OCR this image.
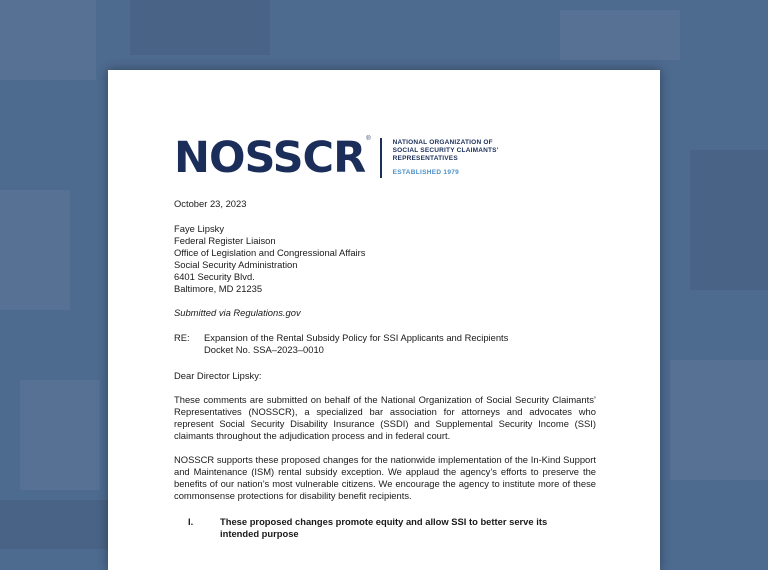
NOSSCR ®	NATIONAL ORGANIZATION OF
SOCIAL SECURITY CLAIMANTS'
REPRESENTATIVES
ESTABLISHED 1979
October 23, 2023
Faye Lipsky
Federal Register Liaison
Office of Legislation and Congressional Affairs
Social Security Administration
6401 Security Blvd.
Baltimore, MD 21235
Submitted via Regulations.gov
RE: Expansion of the Rental Subsidy Policy for SSI Applicants and Recipients
Docket No. SSA–2023–0010
Dear Director Lipsky:
These comments are submitted on behalf of the National Organization of Social Security Claimants’ Representatives (NOSSCR), a specialized bar association for attorneys and advocates who represent Social Security Disability Insurance (SSDI) and Supplemental Security Income (SSI) claimants throughout the adjudication process and in federal court.
NOSSCR supports these proposed changes for the nationwide implementation of the In-Kind Support and Maintenance (ISM) rental subsidy exception. We applaud the agency’s efforts to preserve the benefits of our nation’s most vulnerable citizens. We encourage the agency to institute more of these commonsense protections for disability benefit recipients.
I.	These proposed changes promote equity and allow SSI to better serve its intended purpose
